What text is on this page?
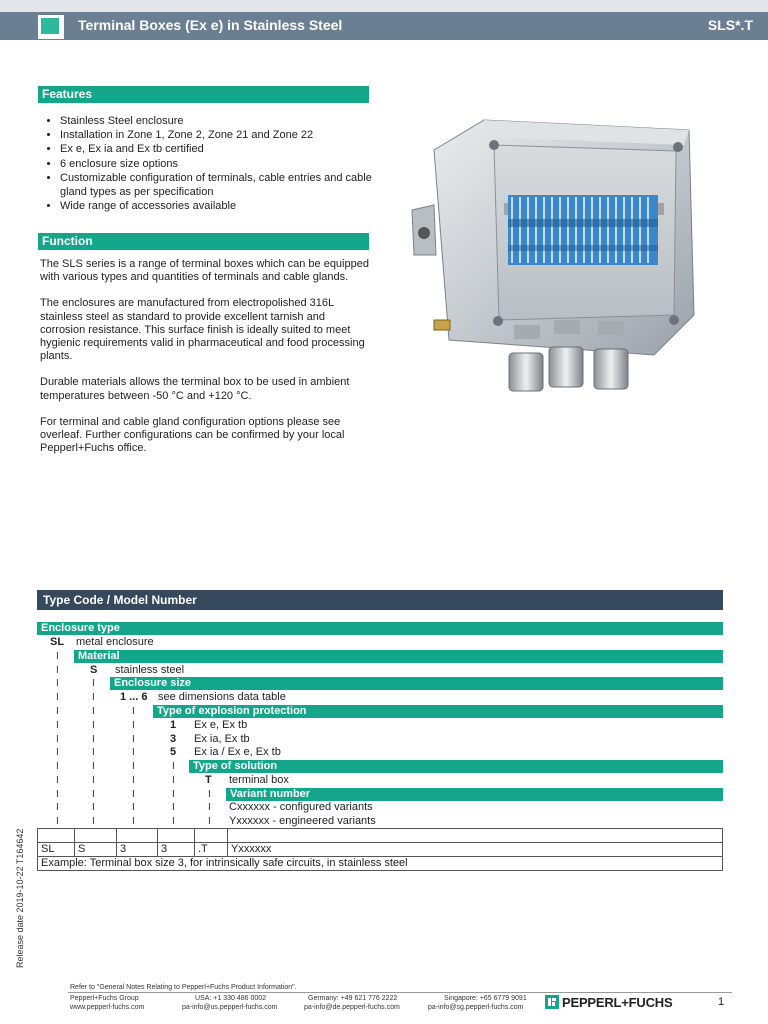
Terminal Boxes (Ex e) in Stainless Steel	SLS*.T
Features
• Stainless Steel enclosure
• Installation in Zone 1, Zone 2, Zone 21 and Zone 22
• Ex e, Ex ia and Ex tb certified
• 6 enclosure size options
• Customizable configuration of terminals, cable entries and cable gland types as per specification
• Wide range of accessories available
Function

The SLS series is a range of terminal boxes which can be equipped with various types and quantities of terminals and cable glands.

The enclosures are manufactured from electropolished 316L stainless steel as standard to provide excellent tarnish and corrosion resistance. This surface finish is ideally suited to meet hygienic requirements valid in pharmaceutical and food processing plants.

Durable materials allows the terminal box to be used in ambient temperatures between -50 °C and +120 °C.

For terminal and cable gland configuration options please see overleaf. Further configurations can be confirmed by your local Pepperl+Fuchs office.

Type Code / Model Number
Enclosure type
SL metal enclosure
I	Material
I	S stainless steel
I	I	Enclosure size
I	I 1 ... 6 see dimensions data table
I	I	I	Type of explosion protection
I	I	I	1 Ex e, Ex tb
I	I	I	3 Ex ia, Ex tb
I	I	I	5 Ex ia / Ex e, Ex tb
I	I	I	I	Type of solution
I	I	I	I	T terminal box
I	I	I	I	I	Variant number
I	I	I	I	I Cxxxxxx - configured variants
I	I	I	I	I Yxxxxxx - engineered variants

SL	S	3	3	.T	Yxxxxxx
Example: Terminal box size 3, for intrinsically safe circuits, in stainless steel					
Release date 2019-10-22 T164642
Refer to "General Notes Relating to Pepperl+Fuchs Product Information".
Pepperl+Fuchs Group
www.pepperl-fuchs.com
USA: +1 330 486 0002
pa-info@us.pepperl-fuchs.com
Germany: +49 621 776 2222
pa-info@de.pepperl-fuchs.com
Singapore: +65 6779 9091
pa-info@sg.pepperl-fuchs.com	PEPPERL+FUCHS	1
